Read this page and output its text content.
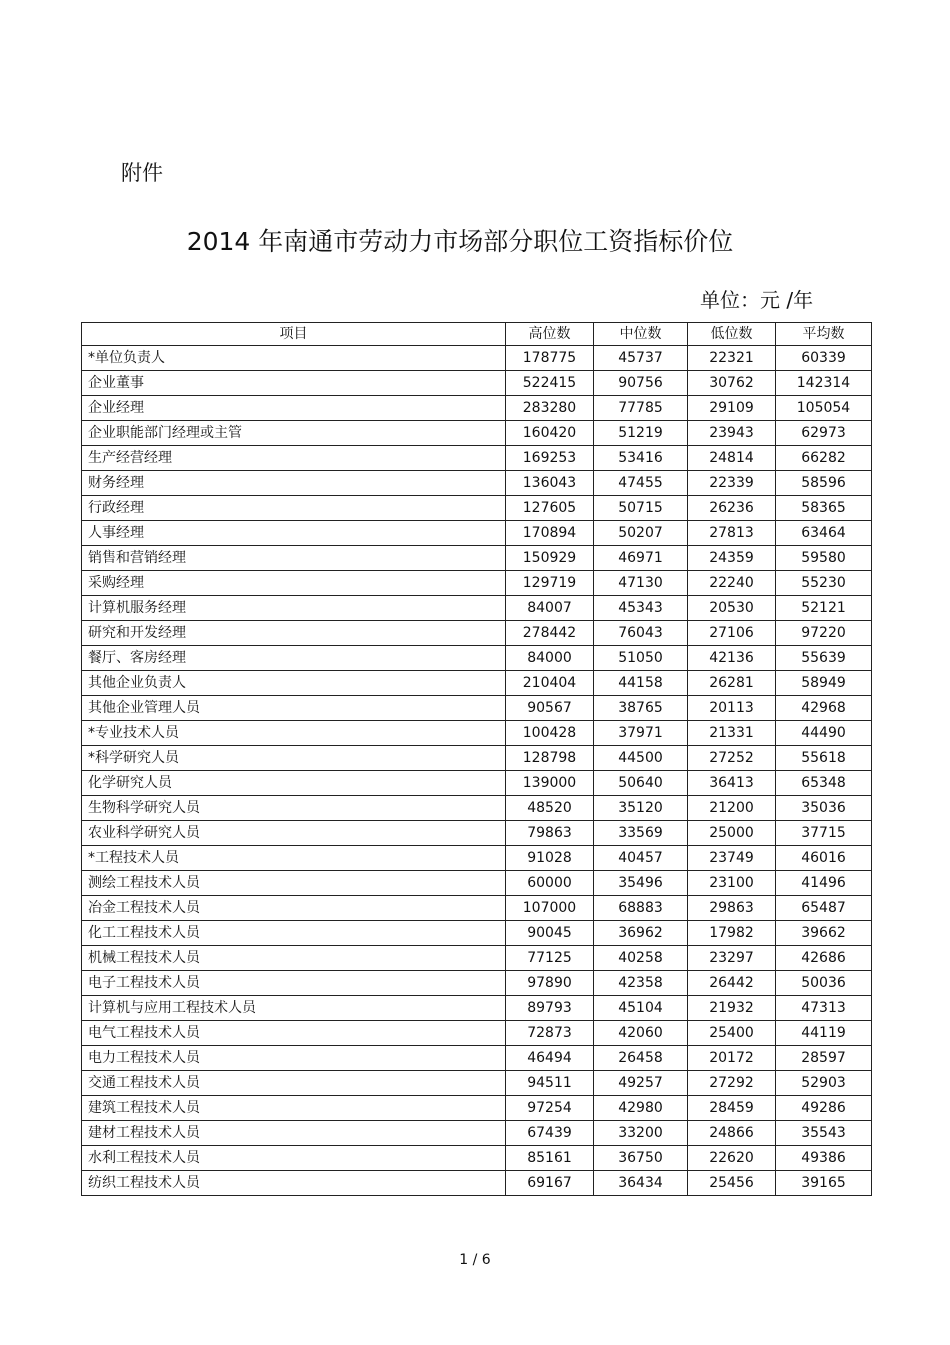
附件
2014 年南通市劳动力市场部分职位工资指标价位
单位：元 /年
项目	高位数	中位数	低位数	平均数
*单位负责人	178775	45737	22321	60339
企业董事	522415	90756	30762	142314
企业经理	283280	77785	29109	105054
企业职能部门经理或主管	160420	51219	23943	62973
生产经营经理	169253	53416	24814	66282
财务经理	136043	47455	22339	58596
行政经理	127605	50715	26236	58365
人事经理	170894	50207	27813	63464
销售和营销经理	150929	46971	24359	59580
采购经理	129719	47130	22240	55230
计算机服务经理	84007	45343	20530	52121
研究和开发经理	278442	76043	27106	97220
餐厅、客房经理	84000	51050	42136	55639
其他企业负责人	210404	44158	26281	58949
其他企业管理人员	90567	38765	20113	42968
*专业技术人员	100428	37971	21331	44490
*科学研究人员	128798	44500	27252	55618
化学研究人员	139000	50640	36413	65348
生物科学研究人员	48520	35120	21200	35036
农业科学研究人员	79863	33569	25000	37715
*工程技术人员	91028	40457	23749	46016
测绘工程技术人员	60000	35496	23100	41496
冶金工程技术人员	107000	68883	29863	65487
化工工程技术人员	90045	36962	17982	39662
机械工程技术人员	77125	40258	23297	42686
电子工程技术人员	97890	42358	26442	50036
计算机与应用工程技术人员	89793	45104	21932	47313
电气工程技术人员	72873	42060	25400	44119
电力工程技术人员	46494	26458	20172	28597
交通工程技术人员	94511	49257	27292	52903
建筑工程技术人员	97254	42980	28459	49286
建材工程技术人员	67439	33200	24866	35543
水利工程技术人员	85161	36750	22620	49386
纺织工程技术人员	69167	36434	25456	39165
1 / 6
